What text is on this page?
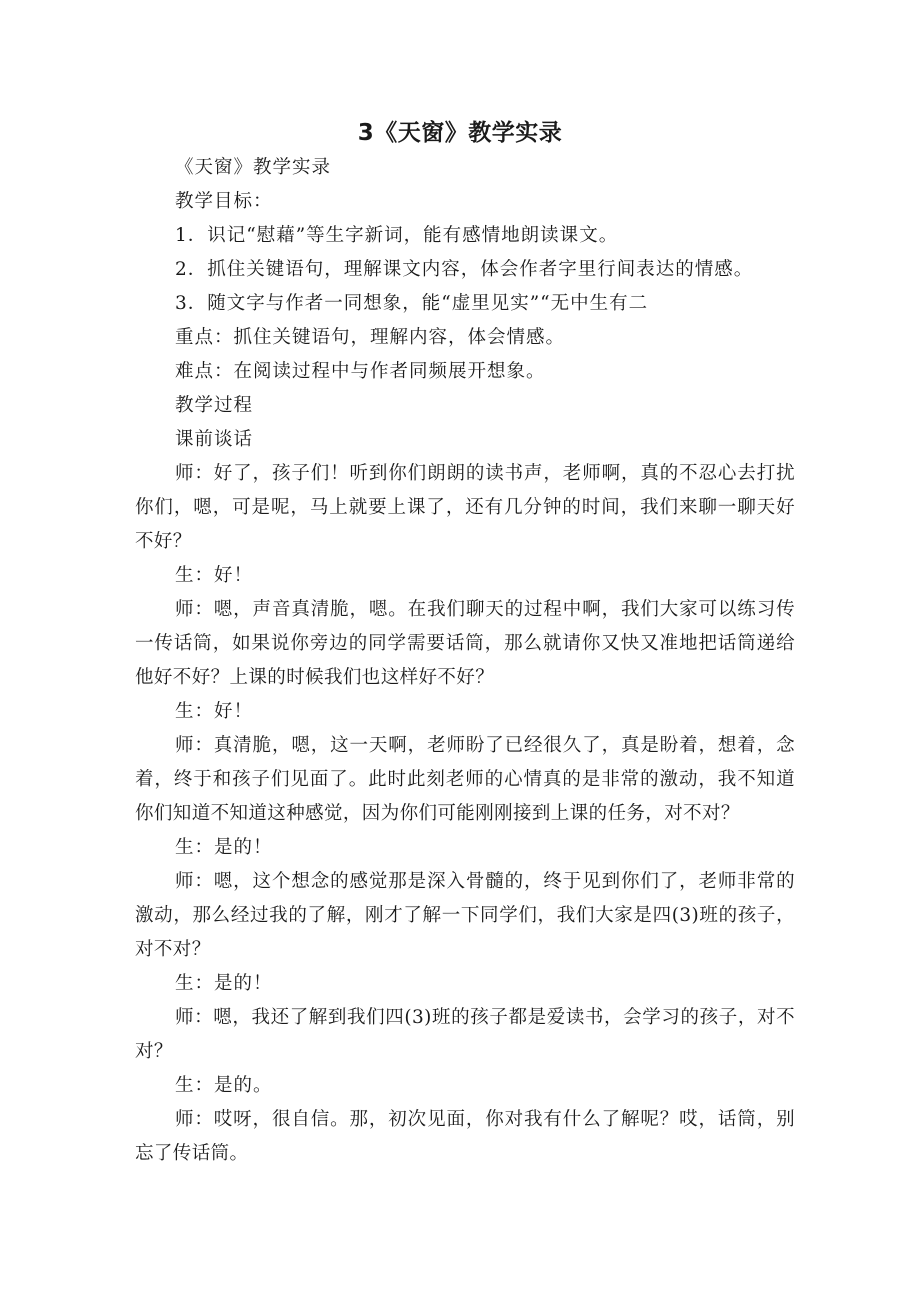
3《天窗》教学实录

《天窗》教学实录

教学目标：

1．识记“慰藉”等生字新词，能有感情地朗读课文。

2．抓住关键语句，理解课文内容，体会作者字里行间表达的情感。

3．随文字与作者一同想象，能“虚里见实”“无中生有二

重点：抓住关键语句，理解内容，体会情感。

难点：在阅读过程中与作者同频展开想象。

教学过程

课前谈话

师：好了，孩子们！听到你们朗朗的读书声，老师啊，真的不忍心去打扰你们，嗯，可是呢，马上就要上课了，还有几分钟的时间，我们来聊一聊天好不好？

生：好！

师：嗯，声音真清脆，嗯。在我们聊天的过程中啊，我们大家可以练习传一传话筒，如果说你旁边的同学需要话筒，那么就请你又快又准地把话筒递给他好不好？上课的时候我们也这样好不好？

生：好！

师：真清脆，嗯，这一天啊，老师盼了已经很久了，真是盼着，想着，念着，终于和孩子们见面了。此时此刻老师的心情真的是非常的激动，我不知道你们知道不知道这种感觉，因为你们可能刚刚接到上课的任务，对不对？

生：是的！

师：嗯，这个想念的感觉那是深入骨髓的，终于见到你们了，老师非常的激动，那么经过我的了解，刚才了解一下同学们，我们大家是四(3)班的孩子，对不对？

生：是的！

师：嗯，我还了解到我们四(3)班的孩子都是爱读书，会学习的孩子，对不对？

生：是的。

师：哎呀，很自信。那，初次见面，你对我有什么了解呢？哎，话筒，别忘了传话筒。
